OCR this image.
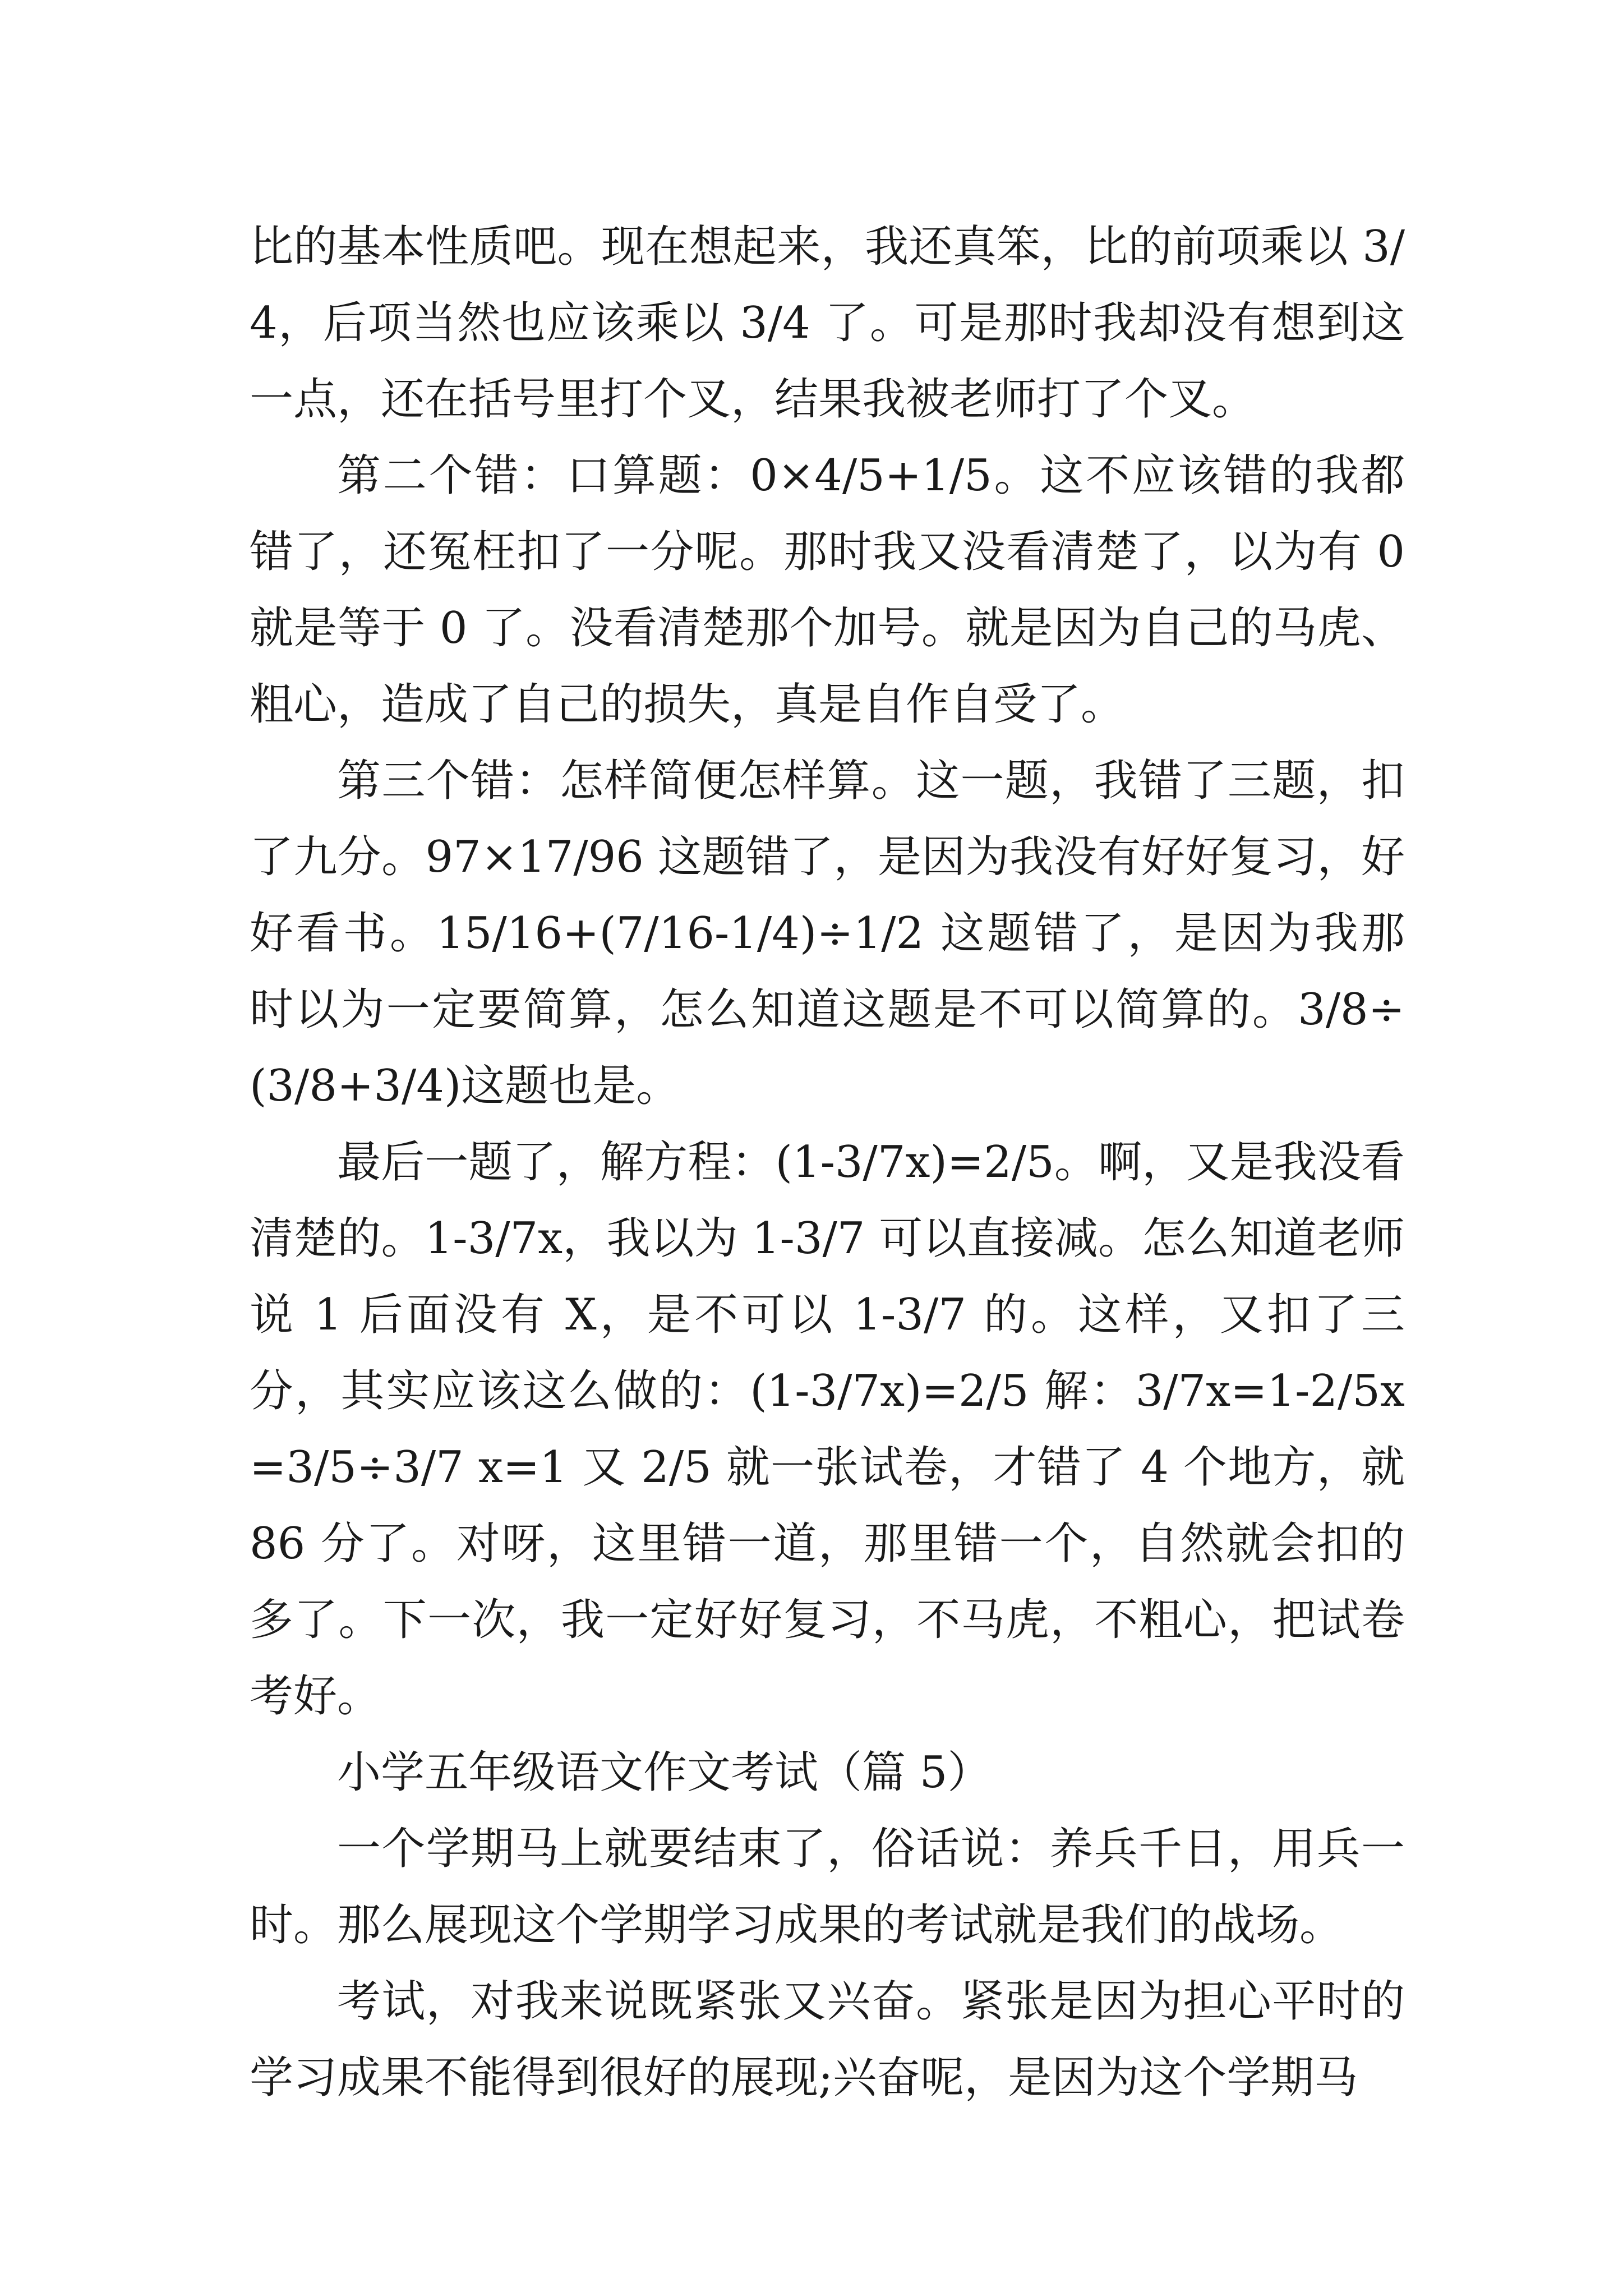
比的基本性质吧。现在想起来，我还真笨，比的前项乘以 3/4，后项当然也应该乘以 3/4 了。可是那时我却没有想到这一点，还在括号里打个叉，结果我被老师打了个叉。

第二个错：口算题：0×4/5+1/5。这不应该错的我都错了，还冤枉扣了一分呢。那时我又没看清楚了，以为有 0 就是等于 0 了。没看清楚那个加号。就是因为自己的马虎、粗心，造成了自己的损失，真是自作自受了。

第三个错：怎样简便怎样算。这一题，我错了三题，扣了九分。97×17/96 这题错了，是因为我没有好好复习，好好看书。15/16+(7/16-1/4)÷1/2 这题错了，是因为我那时以为一定要简算，怎么知道这题是不可以简算的。3/8÷(3/8+3/4)这题也是。

最后一题了，解方程：(1-3/7x)=2/5。啊，又是我没看清楚的。1-3/7x，我以为 1-3/7 可以直接减。怎么知道老师说 1 后面没有 X，是不可以 1-3/7 的。这样，又扣了三分，其实应该这么做的：(1-3/7x)=2/5 解：3/7x=1-2/5x=3/5÷3/7 x=1 又 2/5 就一张试卷，才错了 4 个地方，就 86 分了。对呀，这里错一道，那里错一个，自然就会扣的多了。下一次，我一定好好复习，不马虎，不粗心，把试卷考好。

小学五年级语文作文考试（篇 5）

一个学期马上就要结束了，俗话说：养兵千日，用兵一时。那么展现这个学期学习成果的考试就是我们的战场。

考试，对我来说既紧张又兴奋。紧张是因为担心平时的学习成果不能得到很好的展现;兴奋呢，是因为这个学期马
